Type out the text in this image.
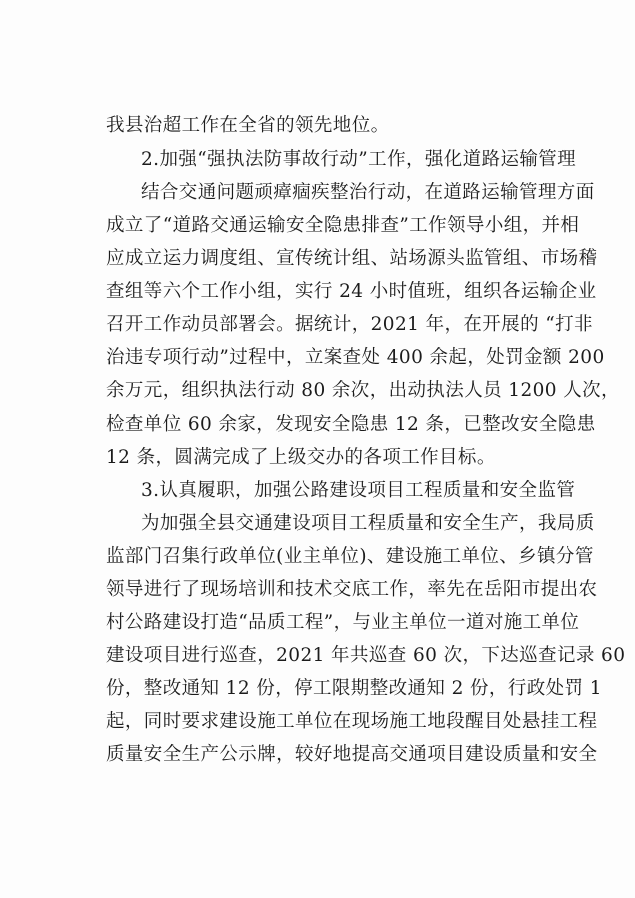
我县治超工作在全省的领先地位。
2.加强“强执法防事故行动”工作，强化道路运输管理
结合交通问题顽瘴痼疾整治行动，在道路运输管理方面
成立了“道路交通运输安全隐患排查”工作领导小组，并相
应成立运力调度组、宣传统计组、站场源头监管组、市场稽
查组等六个工作小组，实行 24 小时值班，组织各运输企业
召开工作动员部署会。据统计，2021 年，在开展的 “打非
治违专项行动”过程中，立案查处 400 余起，处罚金额 200
余万元，组织执法行动 80 余次，出动执法人员 1200 人次，
检查单位 60 余家，发现安全隐患 12 条，已整改安全隐患
12 条，圆满完成了上级交办的各项工作目标。
3.认真履职，加强公路建设项目工程质量和安全监管
为加强全县交通建设项目工程质量和安全生产，我局质
监部门召集行政单位(业主单位)、建设施工单位、乡镇分管
领导进行了现场培训和技术交底工作，率先在岳阳市提出农
村公路建设打造“品质工程”，与业主单位一道对施工单位
建设项目进行巡查，2021 年共巡查 60 次，下达巡查记录 60
份，整改通知 12 份，停工限期整改通知 2 份，行政处罚 1
起，同时要求建设施工单位在现场施工地段醒目处悬挂工程
质量安全生产公示牌，较好地提高交通项目建设质量和安全
